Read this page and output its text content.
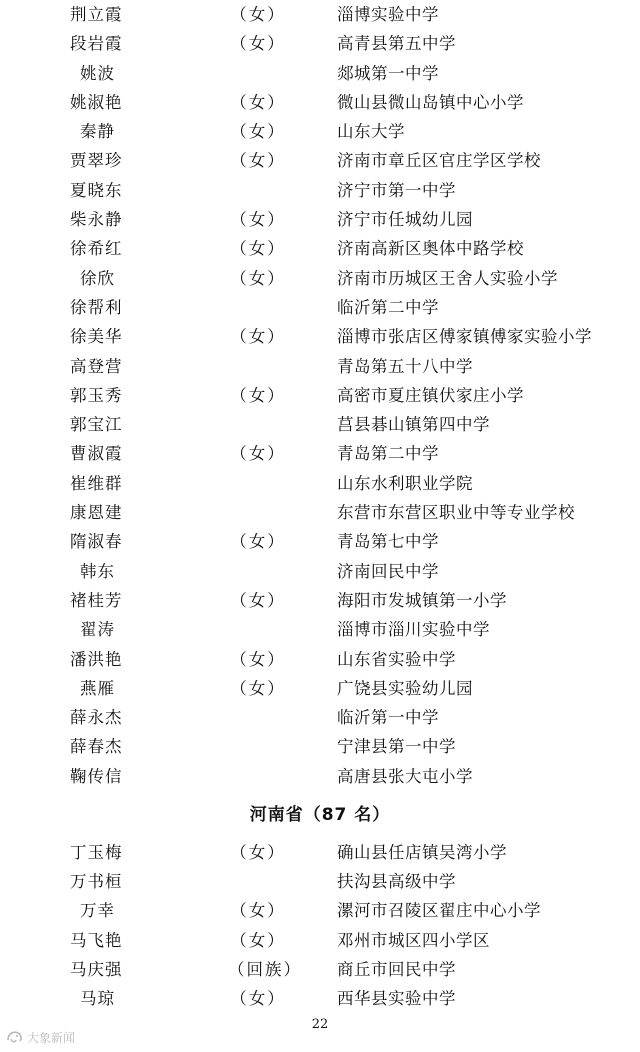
荆立霞	（女）	淄博实验中学
段岩霞	（女）	高青县第五中学
姚波	郯城第一中学
姚淑艳	（女）	微山县微山岛镇中心小学
秦静	（女）	山东大学
贾翠珍	（女）	济南市章丘区官庄学区学校
夏晓东	济宁市第一中学
柴永静	（女）	济宁市任城幼儿园
徐希红	（女）	济南高新区奥体中路学校
徐欣	（女）	济南市历城区王舍人实验小学
徐帮利	临沂第二中学
徐美华	（女）	淄博市张店区傅家镇傅家实验小学
高登营	青岛第五十八中学
郭玉秀	（女）	高密市夏庄镇伏家庄小学
郭宝江	莒县碁山镇第四中学
曹淑霞	（女）	青岛第二中学
崔维群	山东水利职业学院
康恩建	东营市东营区职业中等专业学校
隋淑春	（女）	青岛第七中学
韩东	济南回民中学
褚桂芳	（女）	海阳市发城镇第一小学
翟涛	淄博市淄川实验中学
潘洪艳	（女）	山东省实验中学
燕雁	（女）	广饶县实验幼儿园
薛永杰	临沂第一中学
薛春杰	宁津县第一中学
鞠传信	高唐县张大屯小学
河南省（87 名）
丁玉梅	（女）	确山县任店镇吴湾小学
万书桓	扶沟县高级中学
万幸	（女）	漯河市召陵区翟庄中心小学
马飞艳	（女）	邓州市城区四小学区
马庆强	（回族） 商丘市回民中学
马琼	（女）	西华县实验中学
22
大象新闻
